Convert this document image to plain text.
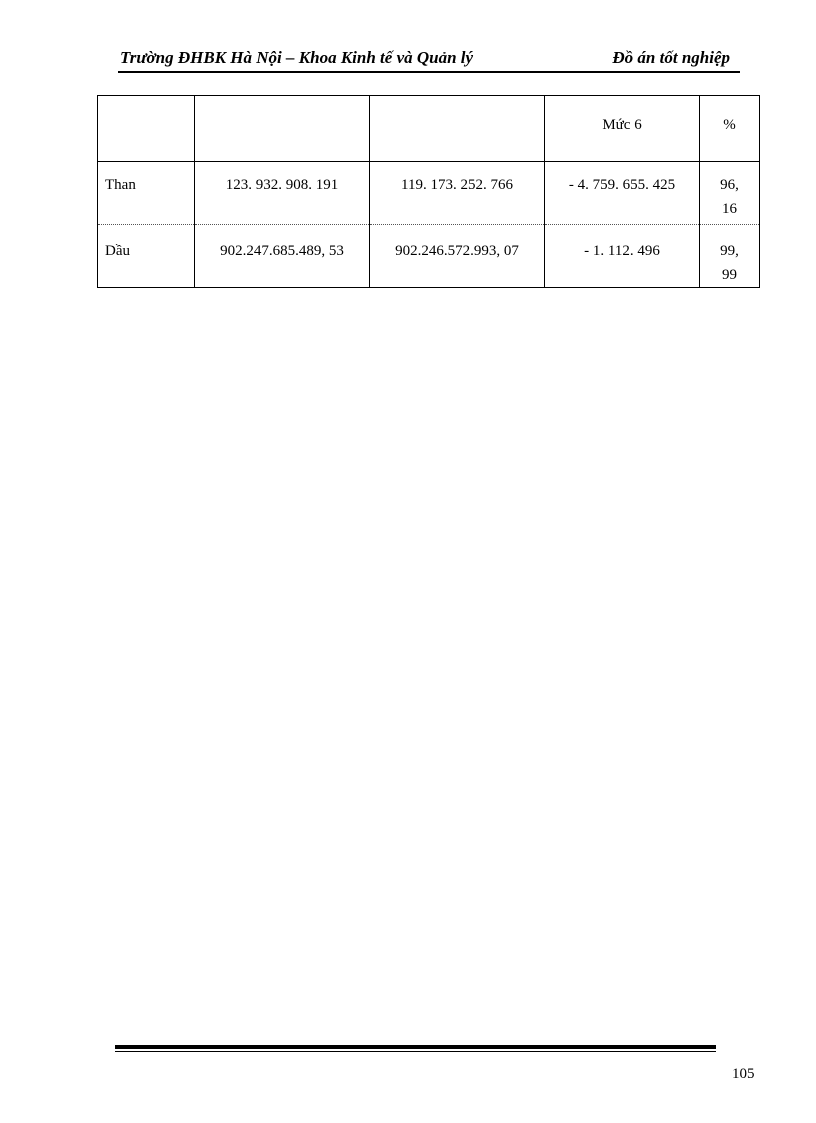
Trường ĐHBK Hà Nội – Khoa Kinh tế và Quản lý	Đồ án tốt nghiệp
			Mức 6	%
Than	123. 932. 908. 191	119. 173. 252. 766	- 4. 759. 655. 425	96,
16
Dầu	902.247.685.489, 53	902.246.572.993, 07	- 1. 112. 496	99,
99
105
